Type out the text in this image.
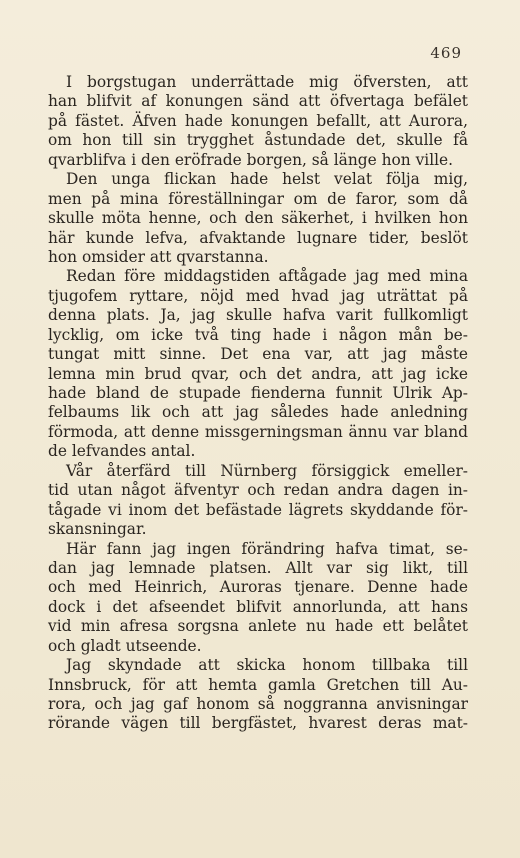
469
I borgstugan underrättade mig öfversten, att
han blifvit af konungen sänd att öfvertaga befälet
på fästet. Äfven hade konungen befallt, att Aurora,
om hon till sin trygghet åstundade det, skulle få
qvarblifva i den eröfrade borgen, så länge hon ville.
Den unga flickan hade helst velat följa mig,
men på mina föreställningar om de faror, som då
skulle möta henne, och den säkerhet, i hvilken hon
här kunde lefva, afvaktande lugnare tider, beslöt
hon omsider att qvarstanna.
Redan före middagstiden aftågade jag med mina
tjugofem ryttare, nöjd med hvad jag uträttat på
denna plats. Ja, jag skulle hafva varit fullkomligt
lycklig, om icke två ting hade i någon mån be-
tungat mitt sinne. Det ena var, att jag måste
lemna min brud qvar, och det andra, att jag icke
hade bland de stupade fienderna funnit Ulrik Ap-
felbaums lik och att jag således hade anledning
förmoda, att denne missgerningsman ännu var bland
de lefvandes antal.
Vår återfärd till Nürnberg försiggick emeller-
tid utan något äfventyr och redan andra dagen in-
tågade vi inom det befästade lägrets skyddande för-
skansningar.
Här fann jag ingen förändring hafva timat, se-
dan jag lemnade platsen. Allt var sig likt, till
och med Heinrich, Auroras tjenare. Denne hade
dock i det afseendet blifvit annorlunda, att hans
vid min afresa sorgsna anlete nu hade ett belåtet
och gladt utseende.
Jag skyndade att skicka honom tillbaka till
Innsbruck, för att hemta gamla Gretchen till Au-
rora, och jag gaf honom så noggranna anvisningar
rörande vägen till bergfästet, hvarest deras mat-
